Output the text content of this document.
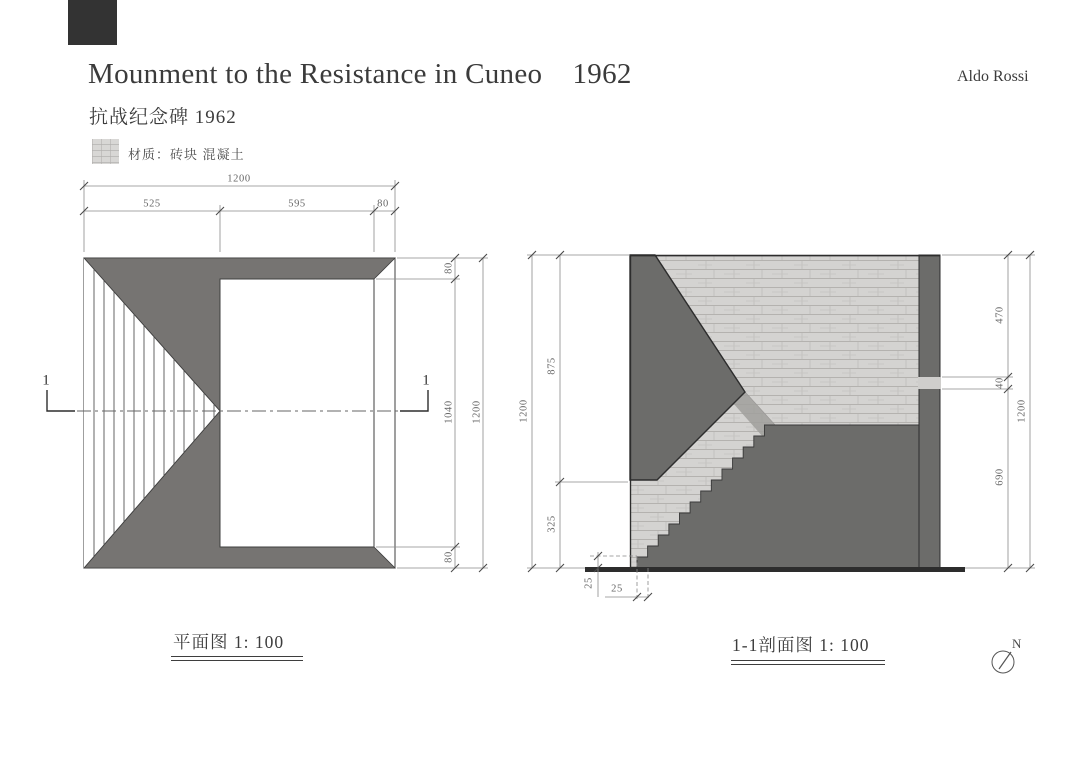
Mounment to the Resistance in Cuneo    1962
抗战纪念碑 1962
Aldo Rossi
材质：砖块 混凝土
1	1
1200
525	595	80
80
1040
80
1200
875
325
1200
470
40
690
1200
25
25
平面图 1: 100	1-1剖面图 1: 100	N
